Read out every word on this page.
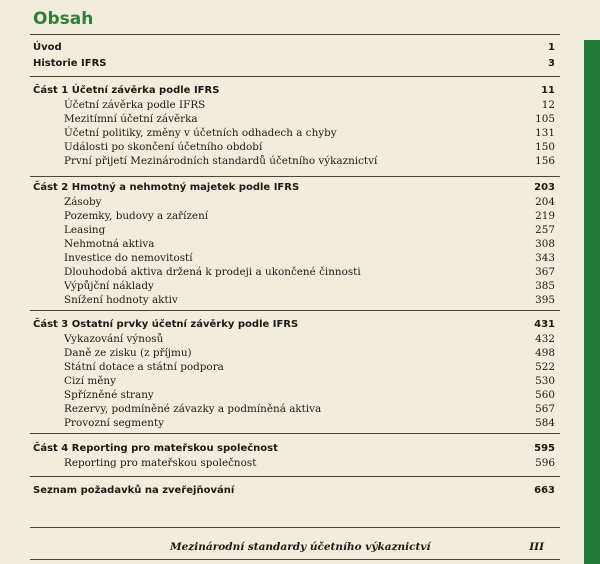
Obsah
Úvod	1
Historie IFRS	3
Část 1 Účetní závěrka podle IFRS	11
Účetní závěrka podle IFRS	12
Mezitímní účetní závěrka	105
Účetní politiky, změny v účetních odhadech a chyby	131
Události po skončení účetního období	150
První přijetí Mezinárodních standardů účetního výkaznictví	156
Část 2 Hmotný a nehmotný majetek podle IFRS	203
Zásoby	204
Pozemky, budovy a zařízení	219
Leasing	257
Nehmotná aktiva	308
Investice do nemovitostí	343
Dlouhodobá aktiva držená k prodeji a ukončené činnosti	367
Výpůjční náklady	385
Snížení hodnoty aktiv	395
Část 3 Ostatní prvky účetní závěrky podle IFRS	431
Vykazování výnosů	432
Daně ze zisku (z příjmu)	498
Státní dotace a státní podpora	522
Cizí měny	530
Spřízněné strany	560
Rezervy, podmíněné závazky a podmíněná aktiva	567
Provozní segmenty	584
Část 4 Reporting pro mateřskou společnost	595
Reporting pro mateřskou společnost	596
Seznam požadavků na zveřejňování	663
Mezinárodní standardy účetního výkaznictví	III
